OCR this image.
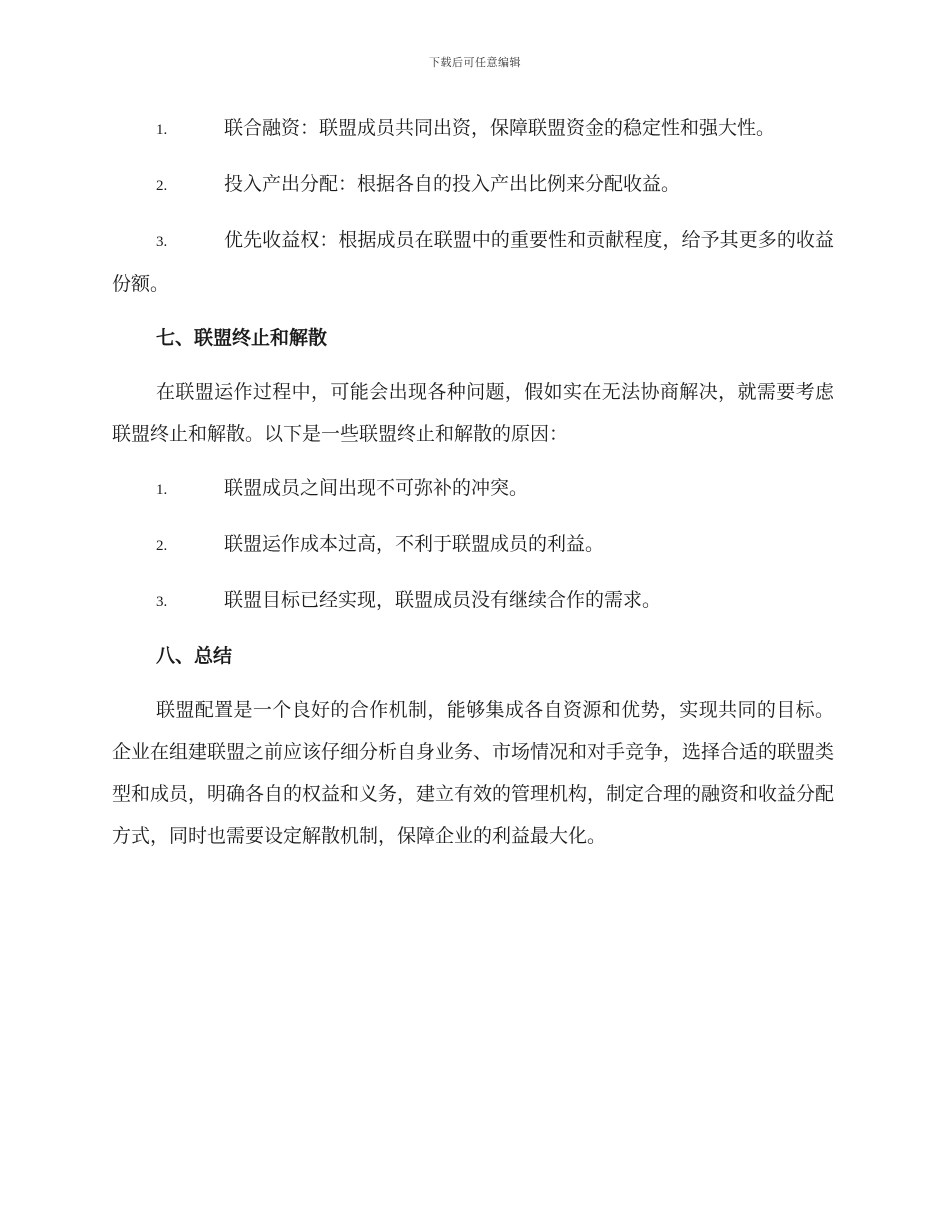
下载后可任意编辑
1.	联合融资：联盟成员共同出资，保障联盟资金的稳定性和强大性。
2.	投入产出分配：根据各自的投入产出比例来分配收益。
3.	优先收益权：根据成员在联盟中的重要性和贡献程度，给予其更多的收益份额。
七、联盟终止和解散
在联盟运作过程中，可能会出现各种问题，假如实在无法协商解决，就需要考虑联盟终止和解散。以下是一些联盟终止和解散的原因：
1.	联盟成员之间出现不可弥补的冲突。
2.	联盟运作成本过高，不利于联盟成员的利益。
3.	联盟目标已经实现，联盟成员没有继续合作的需求。
八、总结
联盟配置是一个良好的合作机制，能够集成各自资源和优势，实现共同的目标。企业在组建联盟之前应该仔细分析自身业务、市场情况和对手竞争，选择合适的联盟类型和成员，明确各自的权益和义务，建立有效的管理机构，制定合理的融资和收益分配方式，同时也需要设定解散机制，保障企业的利益最大化。
